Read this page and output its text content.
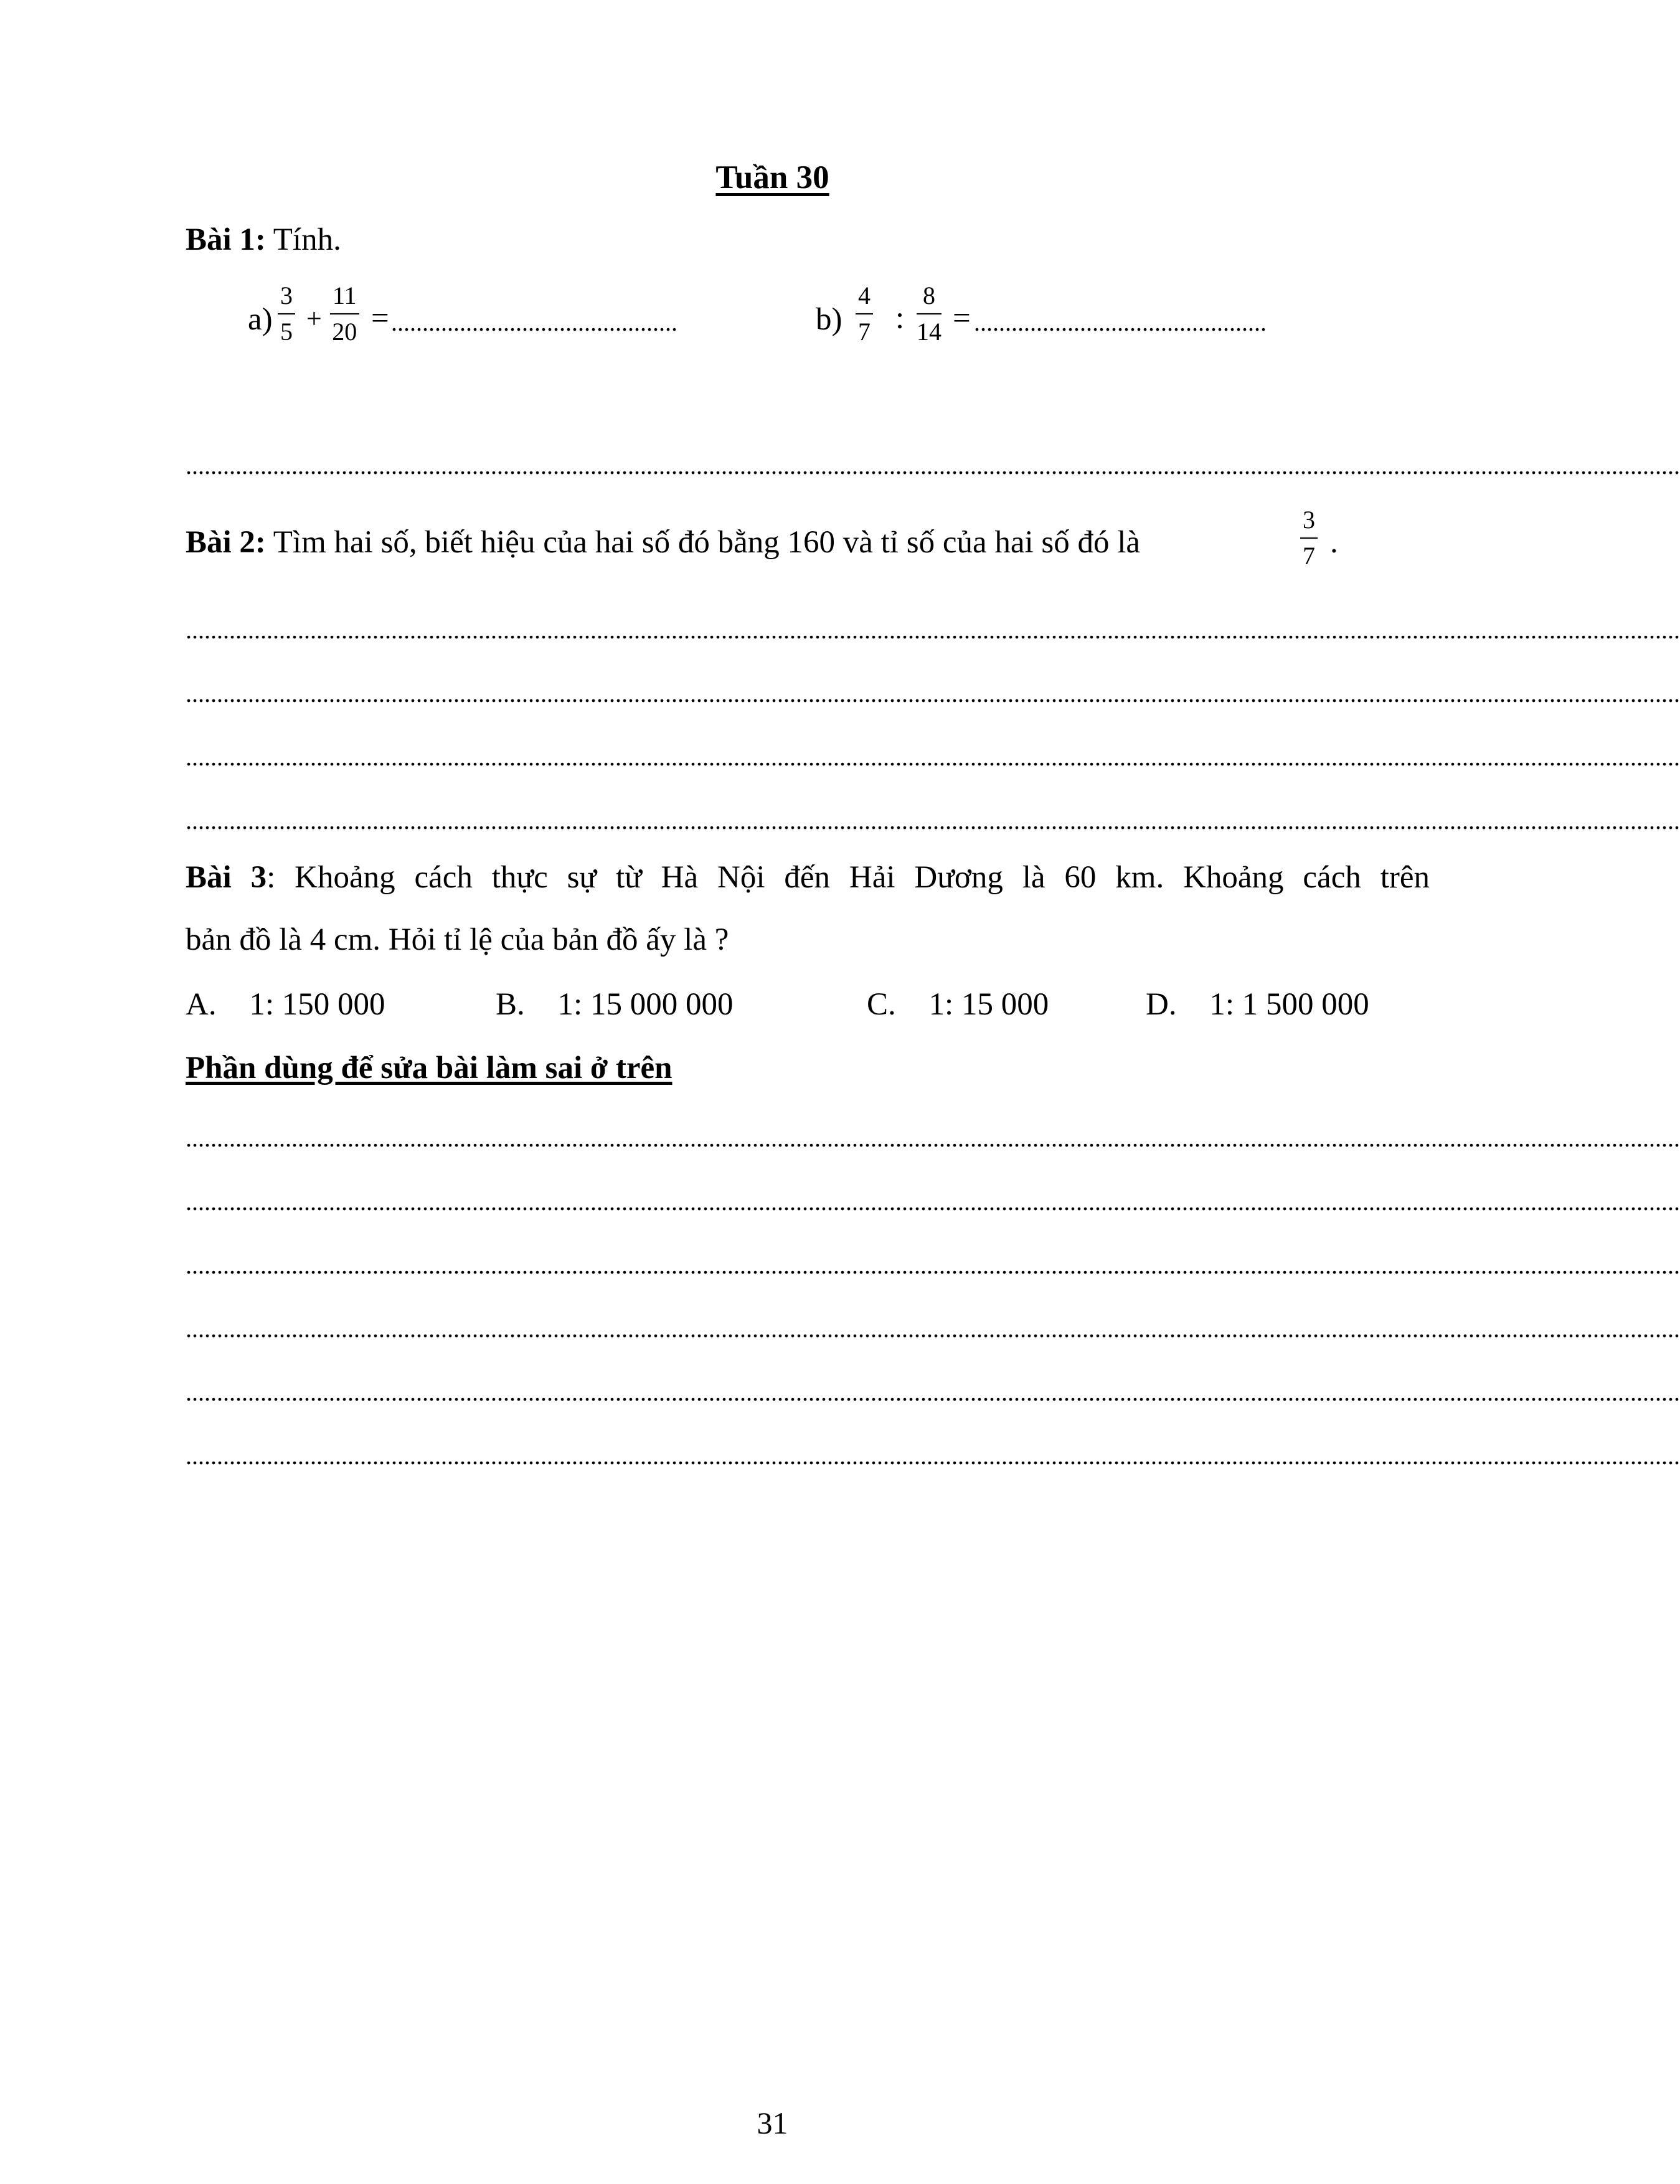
Tuần 30
Bài 1: Tính.
$a) \frac{3}{5} + \frac{11}{20}$ = ..............................................	$b) \frac{4}{7}$ : $\frac{8}{14}$ = ...............................................
................................................................................................................................................................................................................................................
Bài 2: Tìm hai số, biết hiệu của hai số đó bằng 160 và tỉ số của hai số đó là	$\frac{3}{7}$ .
................................................................................................................................................................................................................................................
................................................................................................................................................................................................................................................
................................................................................................................................................................................................................................................
................................................................................................................................................................................................................................................
Bài 3: Khoảng cách thực sự từ Hà Nội đến Hải Dương là 60 km. Khoảng cách trên
bản đồ là 4 cm. Hỏi tỉ lệ của bản đồ ấy là ?
A. 1: 150 000	B. 1: 15 000 000	C. 1: 15 000	D. 1: 1 500 000
Phần dùng để sửa bài làm sai ở trên
................................................................................................................................................................................................................................................
................................................................................................................................................................................................................................................
................................................................................................................................................................................................................................................
................................................................................................................................................................................................................................................
................................................................................................................................................................................................................................................
................................................................................................................................................................................................................................................
31
